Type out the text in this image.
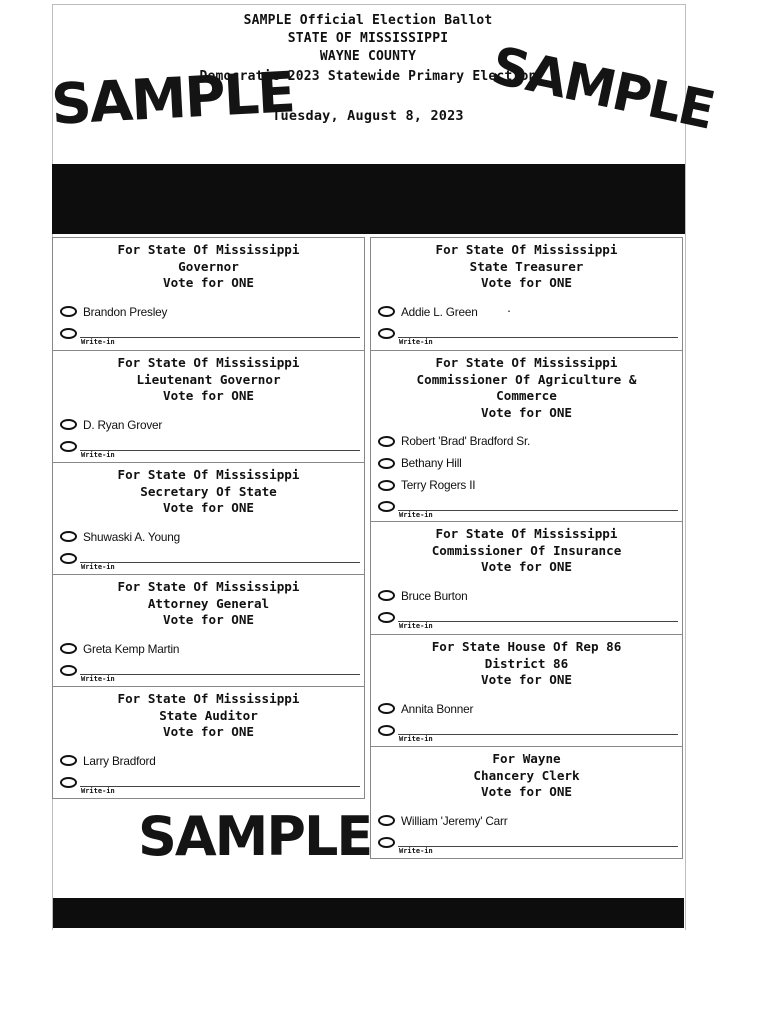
SAMPLE Official Election Ballot
STATE OF MISSISSIPPI
WAYNE COUNTY
Democratic 2023 Statewide Primary Election
Tuesday, August 8, 2023
SAMPLE	SAMPLE
For State Of Mississippi
Governor
Vote for ONE
Brandon Presley
Write-in
For State Of Mississippi
Lieutenant Governor
Vote for ONE
D. Ryan Grover
Write-in
For State Of Mississippi
Secretary Of State
Vote for ONE
Shuwaski A. Young
Write-in
For State Of Mississippi
Attorney General
Vote for ONE
Greta Kemp Martin
Write-in
For State Of Mississippi
State Auditor
Vote for ONE
Larry Bradford
Write-in
For State Of Mississippi
State Treasurer
Vote for ONE
Addie L. Green
Write-in
For State Of Mississippi
Commissioner Of Agriculture &
Commerce
Vote for ONE
Robert 'Brad' Bradford Sr.
Bethany Hill
Terry Rogers II
Write-in
For State Of Mississippi
Commissioner Of Insurance
Vote for ONE
Bruce Burton
Write-in
For State House Of Rep 86
District 86
Vote for ONE
Annita Bonner
Write-in
For Wayne
Chancery Clerk
Vote for ONE
William 'Jeremy' Carr
Write-in
SAMPLE
.
